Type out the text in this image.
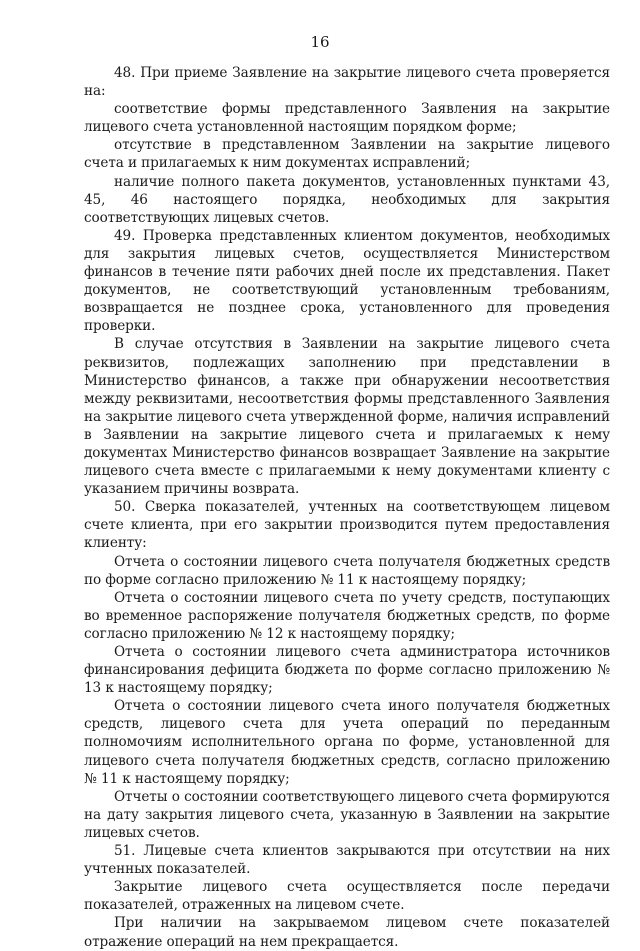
16

48. При приеме Заявление на закрытие лицевого счета проверяется на:

соответствие формы представленного Заявления на закрытие лицевого счета установленной настоящим порядком форме;

отсутствие в представленном Заявлении на закрытие лицевого счета и прилагаемых к ним документах исправлений;

наличие полного пакета документов, установленных пунктами 43, 45, 46 настоящего порядка, необходимых для закрытия соответствующих лицевых счетов.

49. Проверка представленных клиентом документов, необходимых для закрытия лицевых счетов, осуществляется Министерством финансов в течение пяти рабочих дней после их представления. Пакет документов, не соответствующий установленным требованиям, возвращается не позднее срока, установленного для проведения проверки.

В случае отсутствия в Заявлении на закрытие лицевого счета реквизитов, подлежащих заполнению при представлении в Министерство финансов, а также при обнаружении несоответствия между реквизитами, несоответствия формы представленного Заявления на закрытие лицевого счета утвержденной форме, наличия исправлений в Заявлении на закрытие лицевого счета и прилагаемых к нему документах Министерство финансов возвращает Заявление на закрытие лицевого счета вместе с прилагаемыми к нему документами клиенту с указанием причины возврата.

50. Сверка показателей, учтенных на соответствующем лицевом счете клиента, при его закрытии производится путем предоставления клиенту:

Отчета о состоянии лицевого счета получателя бюджетных средств по форме согласно приложению № 11 к настоящему порядку;

Отчета о состоянии лицевого счета по учету средств, поступающих во временное распоряжение получателя бюджетных средств, по форме согласно приложению № 12 к настоящему порядку;

Отчета о состоянии лицевого счета администратора источников финансирования дефицита бюджета по форме согласно приложению № 13 к настоящему порядку;

Отчета о состоянии лицевого счета иного получателя бюджетных средств, лицевого счета для учета операций по переданным полномочиям исполнительного органа по форме, установленной для лицевого счета получателя бюджетных средств, согласно приложению № 11 к настоящему порядку;

Отчеты о состоянии соответствующего лицевого счета формируются на дату закрытия лицевого счета, указанную в Заявлении на закрытие лицевых счетов.

51. Лицевые счета клиентов закрываются при отсутствии на них учтенных показателей.

Закрытие лицевого счета осуществляется после передачи показателей, отраженных на лицевом счете.

При наличии на закрываемом лицевом счете показателей отражение операций на нем прекращается.
